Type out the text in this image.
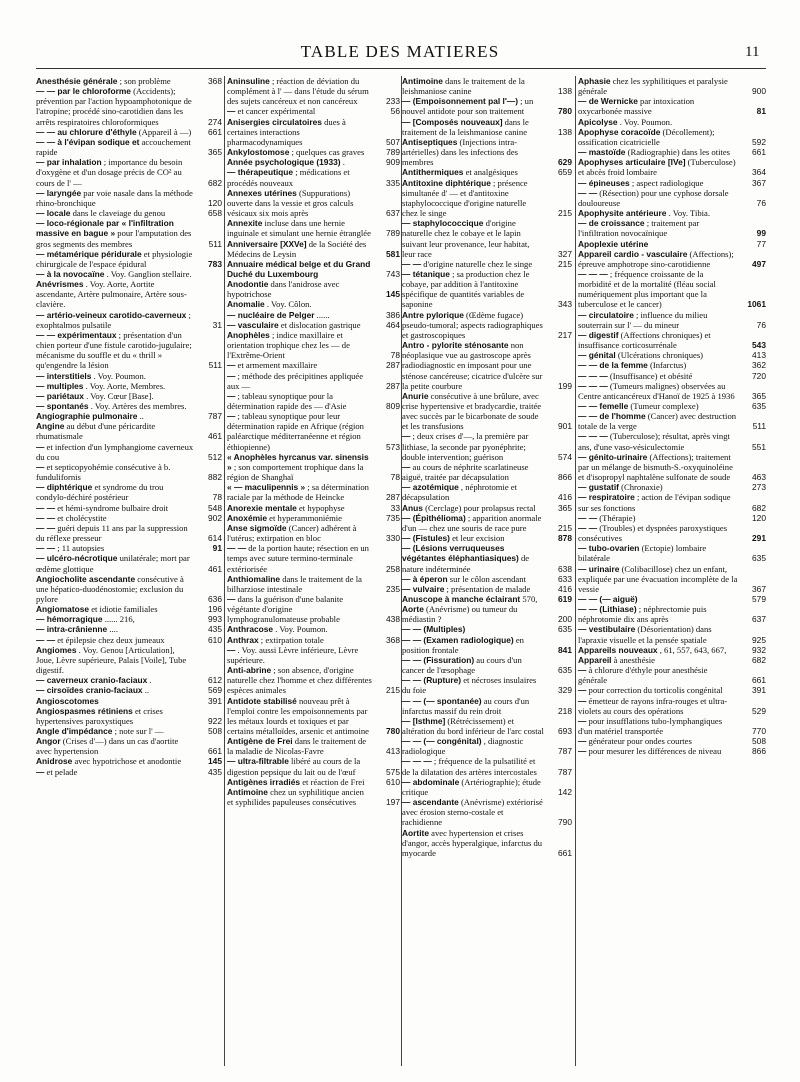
TABLE DES MATIERES	11
Anesthésie générale ; son problème	368
— — par le chloroforme (Accidents); prévention par l'action hypoamphotonique de l'atropine; procédé sino-carotidien dans les arrêts respiratoires chloroformiques	274
— — au chlorure d'éthyle (Appareil à —) 661
— — à l'évipan sodique et accouchement rapide	365
— par inhalation ; importance du besoin d'oxygène et d'un dosage précis de CO² au cours de l' —	682
— laryngée par voie nasale dans la méthode rhino-bronchique	120
— locale dans le claveiage du genou	658
— loco-régionale par « l'infiltration massive en bague » pour l'amputation des gros segments des membres	511
— métamérique péridurale et physiologie chirurgicale de l'espace épidural	783
— à la novocaïne . Voy. Ganglion stellaire.
Anévrismes . Voy. Aorte, Aortite ascendante, Artère pulmonaire, Artère sous-clavière.
— artério-veineux carotido-caverneux ; exophtalmos pulsatile	31
— — expérimentaux ; présentation d'un chien porteur d'une fistule carotido-jugulaire; mécanisme du souffle et du « thrill » qu'engendre la lésion	511
— interstitiels . Voy. Poumon.
— multiples . Voy. Aorte, Membres.
— pariétaux . Voy. Cœur [Base].
— spontanés . Voy. Artères des membres.
Angiographie pulmonaire ..	787
Angine au début d'une péricardite rhumatismale	461
— et infection d'un lymphangiome caverneux du cou	512
— et septicopyohémie consécutive à b. fundulifornis	882
— diphtérique et syndrome du trou condylo-déchiré postérieur	78
— — et hémi-syndrome bulbaire droit	548
— — et cholécystite	902
— — guéri depuis 11 ans par la suppression du réflexe presseur	614
— — ; 11 autopsies	91
— ulcéro-nécrotique unilatérale; mort par œdème glottique	461
Angiocholite ascendante consécutive à une hépatico-duodénostomie; exclusion du pylore	636
Angiomatose et idiotie familiales	196
— hémorragique ...... 216,	993
— intra-crânienne ....	435
— — et épilepsie chez deux jumeaux	610
Angiomes . Voy. Genou [Articulation], Joue, Lèvre supérieure, Palais [Voile], Tube digestif.
— caverneux cranio-faciaux .	612
— cirsoïdes cranio-faciaux ..	569
Angioscotomes	391
Angiospasmes rétiniens et crises hypertensives paroxystiques	922
Angle d'impédance ; note sur l' —	508
Angor (Crises d'—) dans un cas d'aortite avec hypertension	661
Anidrose avec hypotrichose et anodontie	145
— et pelade	435
Aninsuline ; réaction de déviation du complément à l' — dans l'étude du sérum des sujets cancéreux et non cancéreux	233
— et cancer expérimental	56
Anisergies circulatoires dues à certaines interactions pharmacodynamiques	507
Ankylostomose ; quelques cas graves	789
Année psychologique (1933) .	909
— thérapeutique ; médications et procédés nouveaux	335
Annexes utérines (Suppurations) ouverte dans la vessie et gros calculs vésicaux six mois après	637
Annexite incluse dans une hernie inguinale et simulant une hernie étranglée 789
Anniversaire [XXVe] de la Société des Médecins de Leysin	581
Annuaire médical belge et du Grand Duché du Luxembourg	743
Anodontie dans l'anidrose avec hypotrichose	145
Anomalie . Voy. Côlon.
— nucléaire de Pelger ......	386
— vasculaire et dislocation gastrique	464
Anophèles ; indice maxillaire et orientation trophique chez les — de l'Extrême-Orient	78
— et armement maxillaire	287
— ; méthode des précipitines appliquée aux —	287
— ; tableau synoptique pour la détermination rapide des — d'Asie	809
— ; tableau synoptique pour leur détermination rapide en Afrique (région paléarctique méditerranéenne et région éthiopienne)	573
« Anophèles hyrcanus var. sinensis » ; son comportement trophique dans la région de Shanghaï	78
« — maculipennis » ; sa détermination raciale par la méthode de Heincke	287
Anorexie mentale et hypophyse	33
Anoxémie et hyperammoniémie	735
Anse sigmoïde (Cancer) adhérent à l'utérus; extirpation en bloc	330
— — de la portion haute; résection en un temps avec suture termino-terminale extériorisée	258
Anthiomaline dans le traitement de la bilharziose intestinale	235
— dans la guérison d'une balanite végétante d'origine lymphogranulomateuse probable	438
Anthracose . Voy. Poumon.
Anthrax ; extirpation totale	368
— . Voy. aussi Lèvre inférieure, Lèvre supérieure.
Anti-abrine ; son absence, d'origine naturelle chez l'homme et chez différentes espèces animales	215
Antidote stabilisé nouveau prêt à l'emploi contre les empoisonnements par les métaux lourds et toxiques et par certains métalloïdes, arsenic et antimoine 780
Antigène de Frei dans le traitement de la maladie de Nicolas-Favre	413
— ultra-filtrable libéré au cours de la digestion pepsique du lait ou de l'œuf	575
Antigènes irradiés et réaction de Frei	610
Antimoine chez un syphilitique ancien et syphilides papuleuses consécutives	197
Antimoine dans le traitement de la leishmaniose canine	138
— (Empoisonnement pal l'—) ; un nouvel antidote pour son traitement	780
— [Composés nouveaux] dans le traitement de la leishmaniose canine	138
Antiseptiques (Injections intra-artérielles) dans les infections des membres	629
Antithermiques et analgésiques	659
Antitoxine diphtérique ; présence simultanée d' — et d'antitoxine staphylococcique d'origine naturelle chez le singe	215
— staphylococcique d'origine naturelle chez le cobaye et le lapin suivant leur provenance, leur habitat, leur race	327
— — d'origine naturelle chez le singe	215
— tétanique ; sa production chez le cobaye, par addition à l'antitoxine spécifique de quantités variables de saponine	343
Antre pylorique (Œdème fugace) pseudo-tumoral; aspects radiographiques et gastroscopiques	217
Antro - pylorite sténosante non néoplasique vue au gastroscope après radiodiagnostic en imposant pour une sténose cancéreuse; cicatrice d'ulcère sur la petite courbure	199
Anurie consécutive à une brûlure, avec crise hypertensive et bradycardie, traitée avec succès par le bicarbonate de soude et les transfusions	901
— ; deux crises d'—, la première par lithiase, la seconde par pyonéphrite; double intervention; guérison	574
— au cours de néphrite scarlatineuse aiguë, traitée par décapsulation	866
— azotémique , néphrotomie et décapsulation	416
Anus (Cerclage) pour prolapsus rectal	365
— (Épithélioma) ; apparition anormale d'un — chez une souris de race pure	215
— (Fistules) et leur excision	878
— (Lésions verruqueuses végétantes éléphantiasiques) de nature indéterminée	638
— à éperon sur le côlon ascendant	633
— vulvaire ; présentation de malade	416
Anuscope à manche éclairant 570, 619
Aorte (Anévrisme) ou tumeur du médiastin ?	200
— — (Multiples)	635
— — (Examen radiologique) en position frontale	841
— — (Fissuration) au cours d'un cancer de l'œsophage	635
— — (Rupture) et nécroses insulaires du foie	329
— — (— spontanée) au cours d'un infarctus massif du rein droit	218
— [Isthme] (Rétrécissement) et altération du bord inférieur de l'arc costal 693
— — (— congénital) , diagnostic radiologique	787
— — — ; fréquence de la pulsatilité et de la dilatation des artères intercostales	787
— abdominale (Artériographie); étude critique	142
— ascendante (Anévrisme) extériorisé avec érosion sterno-costale et rachidienne	790
Aortite avec hypertension et crises d'angor, accès hyperalgique, infarctus du myocarde	661
Aphasie chez les syphilitiques et paralysie générale	900
— de Wernicke par intoxication oxycarbonée massive	81
Apicolyse . Voy. Poumon.
Apophyse coracoïde (Décollement); ossification cicatricielle	592
— mastoïde (Radiographie) dans les otites	661
Apophyses articulaire [IVe] (Tuberculose) et abcès froid lombaire	364
— épineuses ; aspect radiologique	367
— — (Résection) pour une cyphose dorsale douloureuse	76
Apophysite antérieure . Voy. Tibia.
— de croissance ; traitement par l'infiltration novocaïnique	99
Apoplexie utérine	77
Appareil cardio - vasculaire (Affections); épreuve amphotrope sino-carotidienne	497
— — — ; fréquence croissante de la morbidité et de la mortalité (fléau social numériquement plus important que la tuberculose et le cancer)	1061
— circulatoire ; influence du milieu souterrain sur l' — du mineur	76
— digestif (Affections chroniques) et insuffisance corticosurrénale	543
— génital (Ulcérations chroniques)	413
— — de la femme (Infarctus)	362
— — — (Insuffisance) et obésité	720
— — — (Tumeurs malignes) observées au Centre anticancéreux d'Hanoï de 1925 à 1936 365
— — femelle (Tumeur complexe)	635
— — de l'homme (Cancer) avec destruction totale de la verge	511
— — — (Tuberculose); résultat, après vingt ans, d'une vaso-vésiculectomie	551
— génito-urinaire (Affections); traitement par un mélange de bismuth-S.-oxyquinoléine et d'isopropyl naphtalène sulfonate de soude	463
— gustatif (Chronaxie)	273
— respiratoire ; action de l'évipan sodique sur ses fonctions	682
— — (Thérapie)	120
— — (Troubles) et dyspnées paroxystiques consécutives	291
— tubo-ovarien (Ectopie) lombaire bilatérale	635
— urinaire (Colibacillose) chez un enfant, expliquée par une évacuation incomplète de la vessie	367
— — (— aiguë)	579
— — (Lithiase) ; néphrectomie puis néphrotomie dix ans après	637
— vestibulaire (Désorientation) dans l'apraxie visuelle et la pensée spatiale	925
Appareils nouveaux , 61, 557, 643, 667,	932
Appareil à anesthésie	682
— à chlorure d'éthyle pour anesthésie générale	661
— pour correction du torticolis congénital	391
— émetteur de rayons infra-rouges et ultra-violets au cours des opérations	529
— pour insufflations tubo-lymphangiques d'un matériel transportée	770
— générateur pour ondes courtes	508
— pour mesurer les différences de niveau	866
